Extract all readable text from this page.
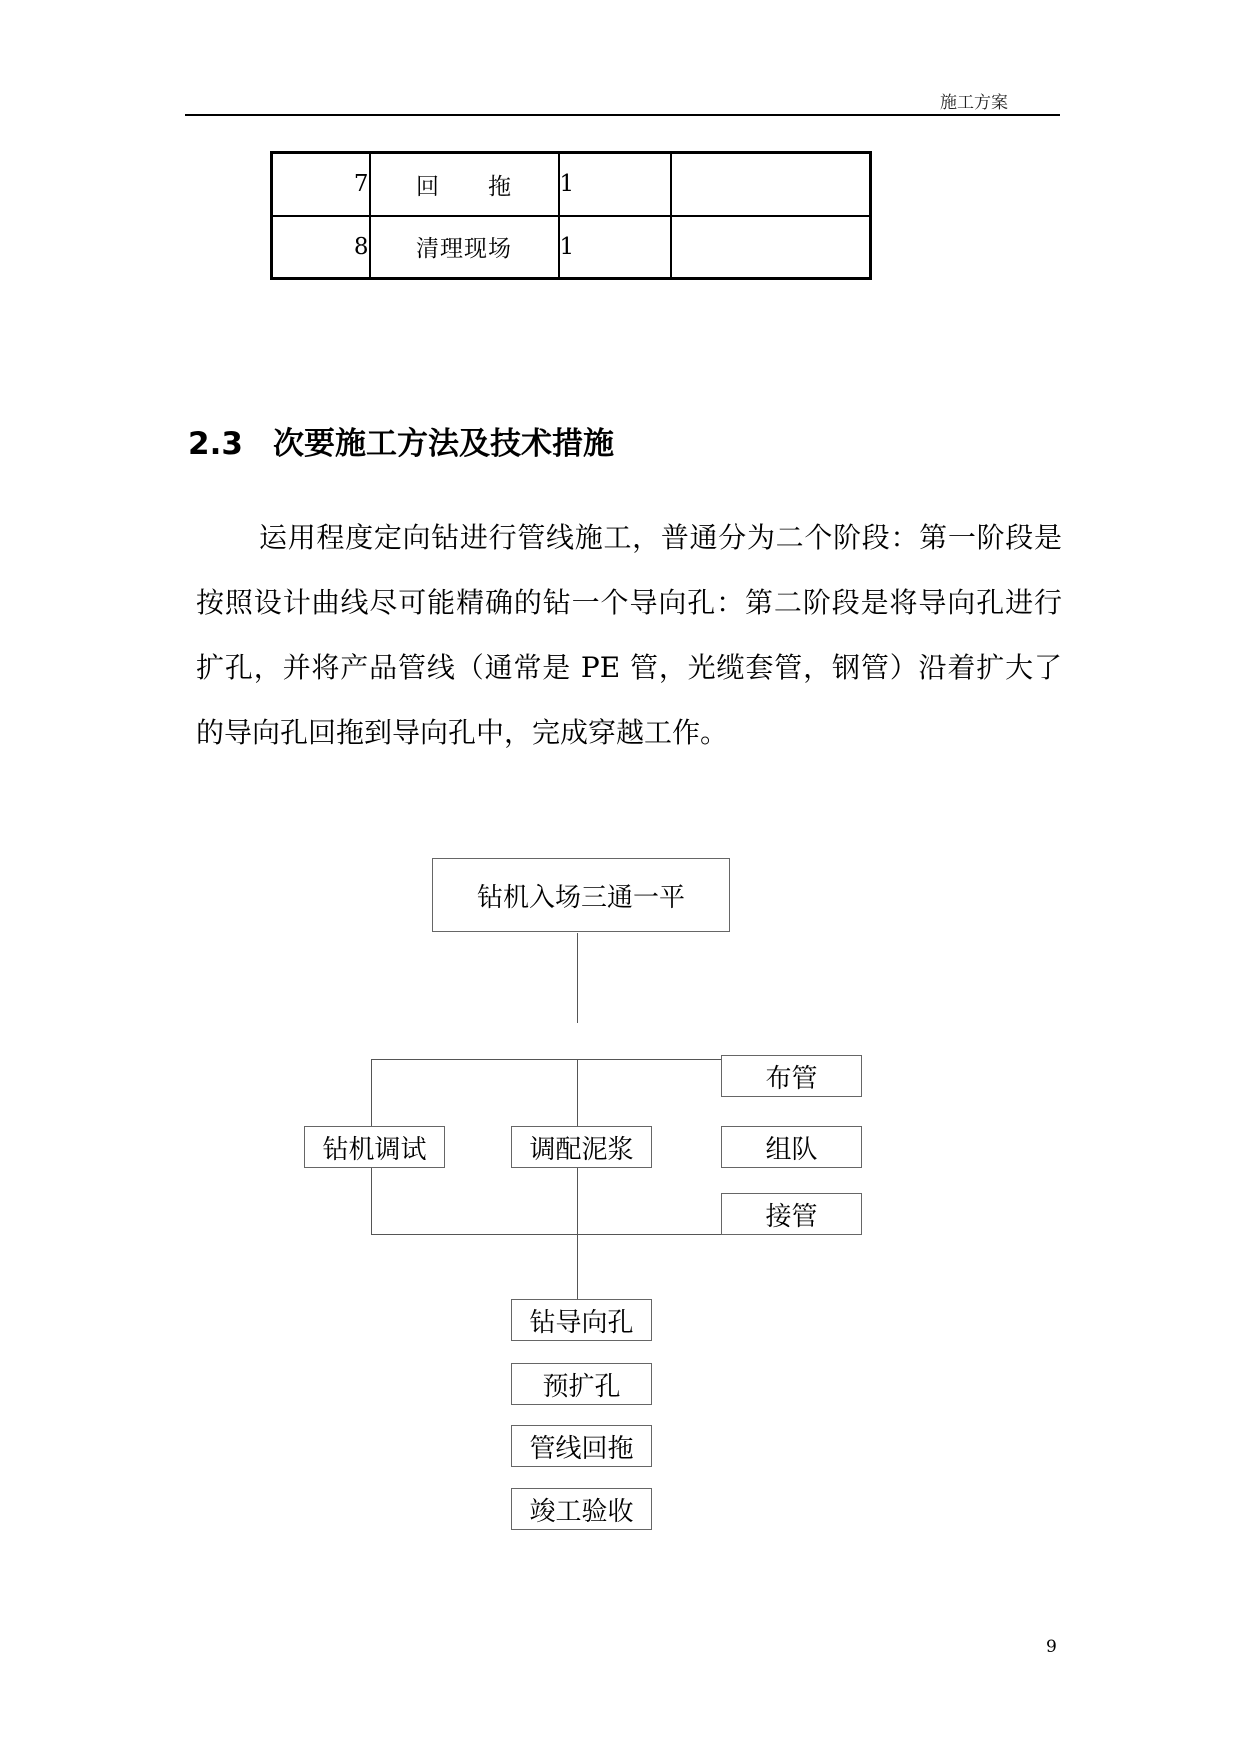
施工方案
7	回　　拖	1	
8	清理现场	1	
2.3 次要施工方法及技术措施

运用程度定向钻进行管线施工，普通分为二个阶段：第一阶段是按照设计曲线尽可能精确的钻一个导向孔：第二阶段是将导向孔进行扩孔，并将产品管线（通常是 PE 管，光缆套管，钢管）沿着扩大了的导向孔回拖到导向孔中，完成穿越工作。

钻机入场三通一平
钻机调试	调配泥浆
布管
组队
接管
钻导向孔
预扩孔
管线回拖
竣工验收
9
